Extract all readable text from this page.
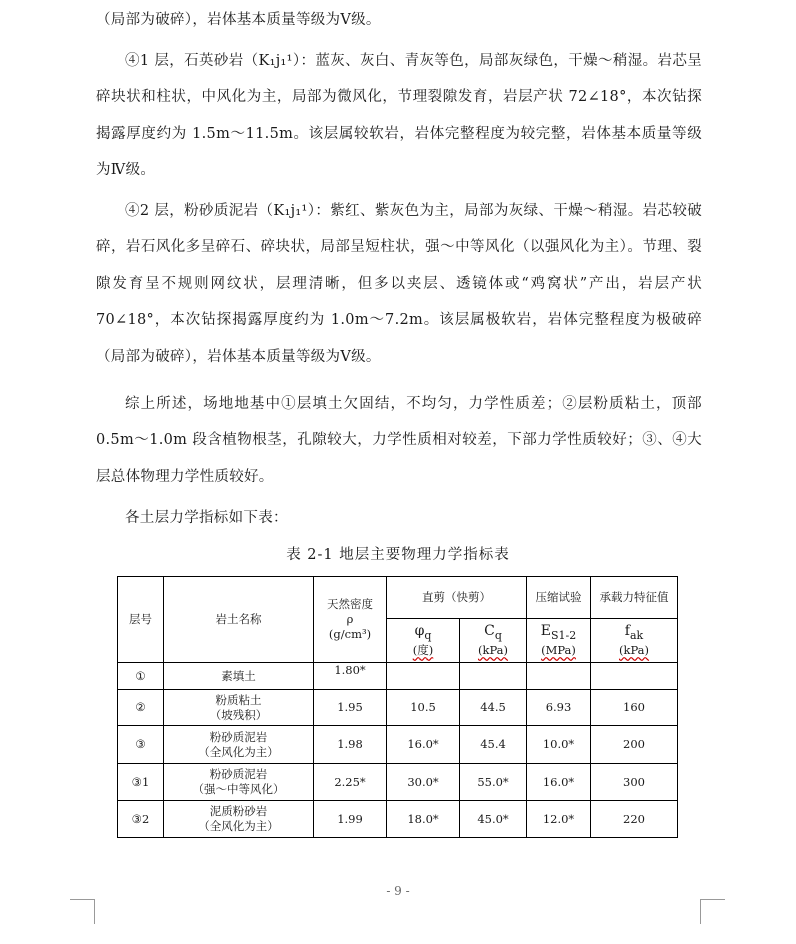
（局部为破碎），岩体基本质量等级为Ⅴ级。

④1 层，石英砂岩（K₁j₁¹）：蓝灰、灰白、青灰等色，局部灰绿色，干燥～稍湿。岩芯呈碎块状和柱状，中风化为主，局部为微风化，节理裂隙发育，岩层产状 72∠18°，本次钻探揭露厚度约为 1.5m～11.5m。该层属较软岩，岩体完整程度为较完整，岩体基本质量等级为Ⅳ级。

④2 层，粉砂质泥岩（K₁j₁¹）：紫红、紫灰色为主，局部为灰绿、干燥～稍湿。岩芯较破碎，岩石风化多呈碎石、碎块状，局部呈短柱状，强～中等风化（以强风化为主）。节理、裂隙发育呈不规则网纹状，层理清晰，但多以夹层、透镜体或“鸡窝状”产出，岩层产状 70∠18°，本次钻探揭露厚度约为 1.0m～7.2m。该层属极软岩，岩体完整程度为极破碎（局部为破碎），岩体基本质量等级为Ⅴ级。

综上所述，场地地基中①层填土欠固结，不均匀，力学性质差；②层粉质粘土，顶部 0.5m～1.0m 段含植物根茎，孔隙较大，力学性质相对较差，下部力学性质较好；③、④大层总体物理力学性质较好。

各土层力学指标如下表：

表 2-1 地层主要物理力学指标表
层号	岩土名称	天然密度
ρ
(g/cm³)	直剪（快剪）		压缩试验	承载力特征值

			$\varphi_q$
(度)	$C_q$
(kPa)	$E_{S1-2}$
(MPa)	$f_{ak}$
(kPa)

①	素填土	1.80*				
②	粉质粘土
（坡残积）	1.95	10.5	44.5	6.93	160
③	粉砂质泥岩
（全风化为主）	1.98	16.0*	45.4	10.0*	200
③1	粉砂质泥岩
（强～中等风化）	2.25*	30.0*	55.0*	16.0*	300
③2	泥质粉砂岩
（全风化为主）	1.99	18.0*	45.0*	12.0*	220
- 9 -
